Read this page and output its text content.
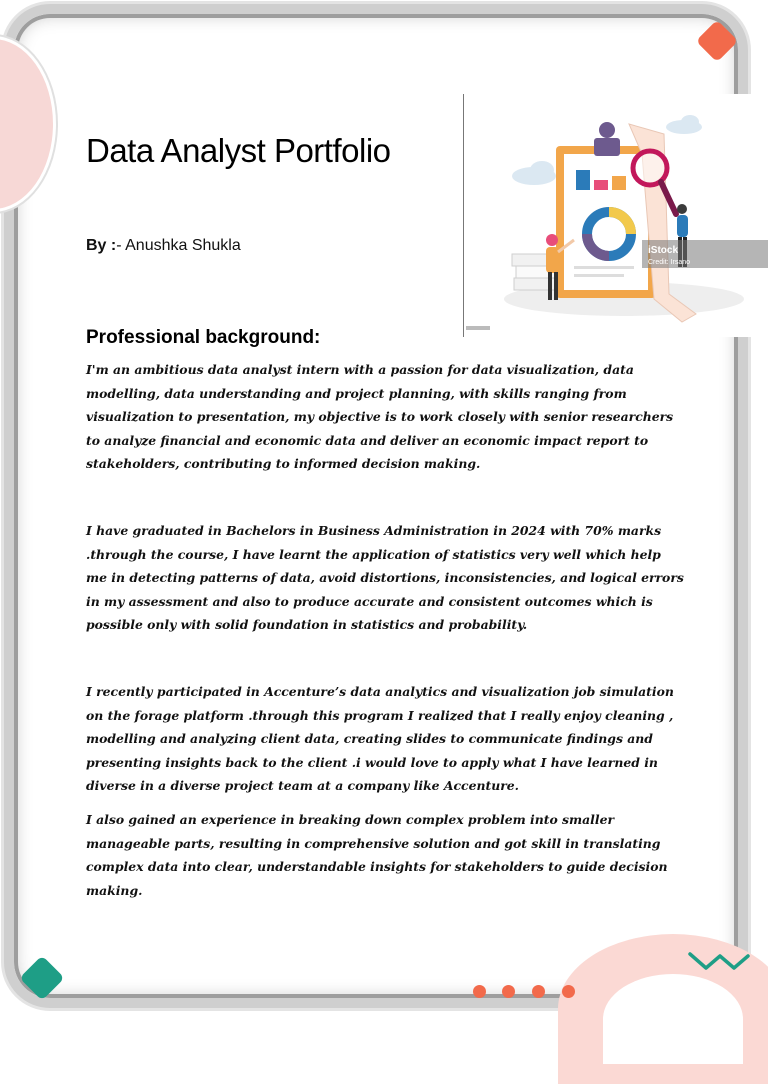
Data Analyst Portfolio
By :- Anushka Shukla	iStock
Credit: Irsano
Professional background:

I'm an ambitious data analyst intern with a passion for data visualization, data modelling, data understanding and project planning, with skills ranging from visualization to presentation, my objective is to work closely with senior researchers to analyze financial and economic data and deliver an economic impact report to stakeholders, contributing to informed decision making.

I have graduated in Bachelors in Business Administration in 2024 with 70% marks .through the course, I have learnt the application of statistics very well which help me in detecting patterns of data, avoid distortions, inconsistencies, and logical errors in my assessment and also to produce accurate and consistent outcomes which is possible only with solid foundation in statistics and probability.

I recently participated in Accenture’s data analytics and visualization job simulation on the forage platform .through this program I realized that I really enjoy cleaning , modelling and analyzing client data, creating slides to communicate findings and presenting insights back to the client .i would love to apply what I have learned in diverse in a diverse project team at a company like Accenture.

I also gained an experience in breaking down complex problem into smaller manageable parts, resulting in comprehensive solution and got skill in translating complex data into clear, understandable insights for stakeholders to guide decision making.
